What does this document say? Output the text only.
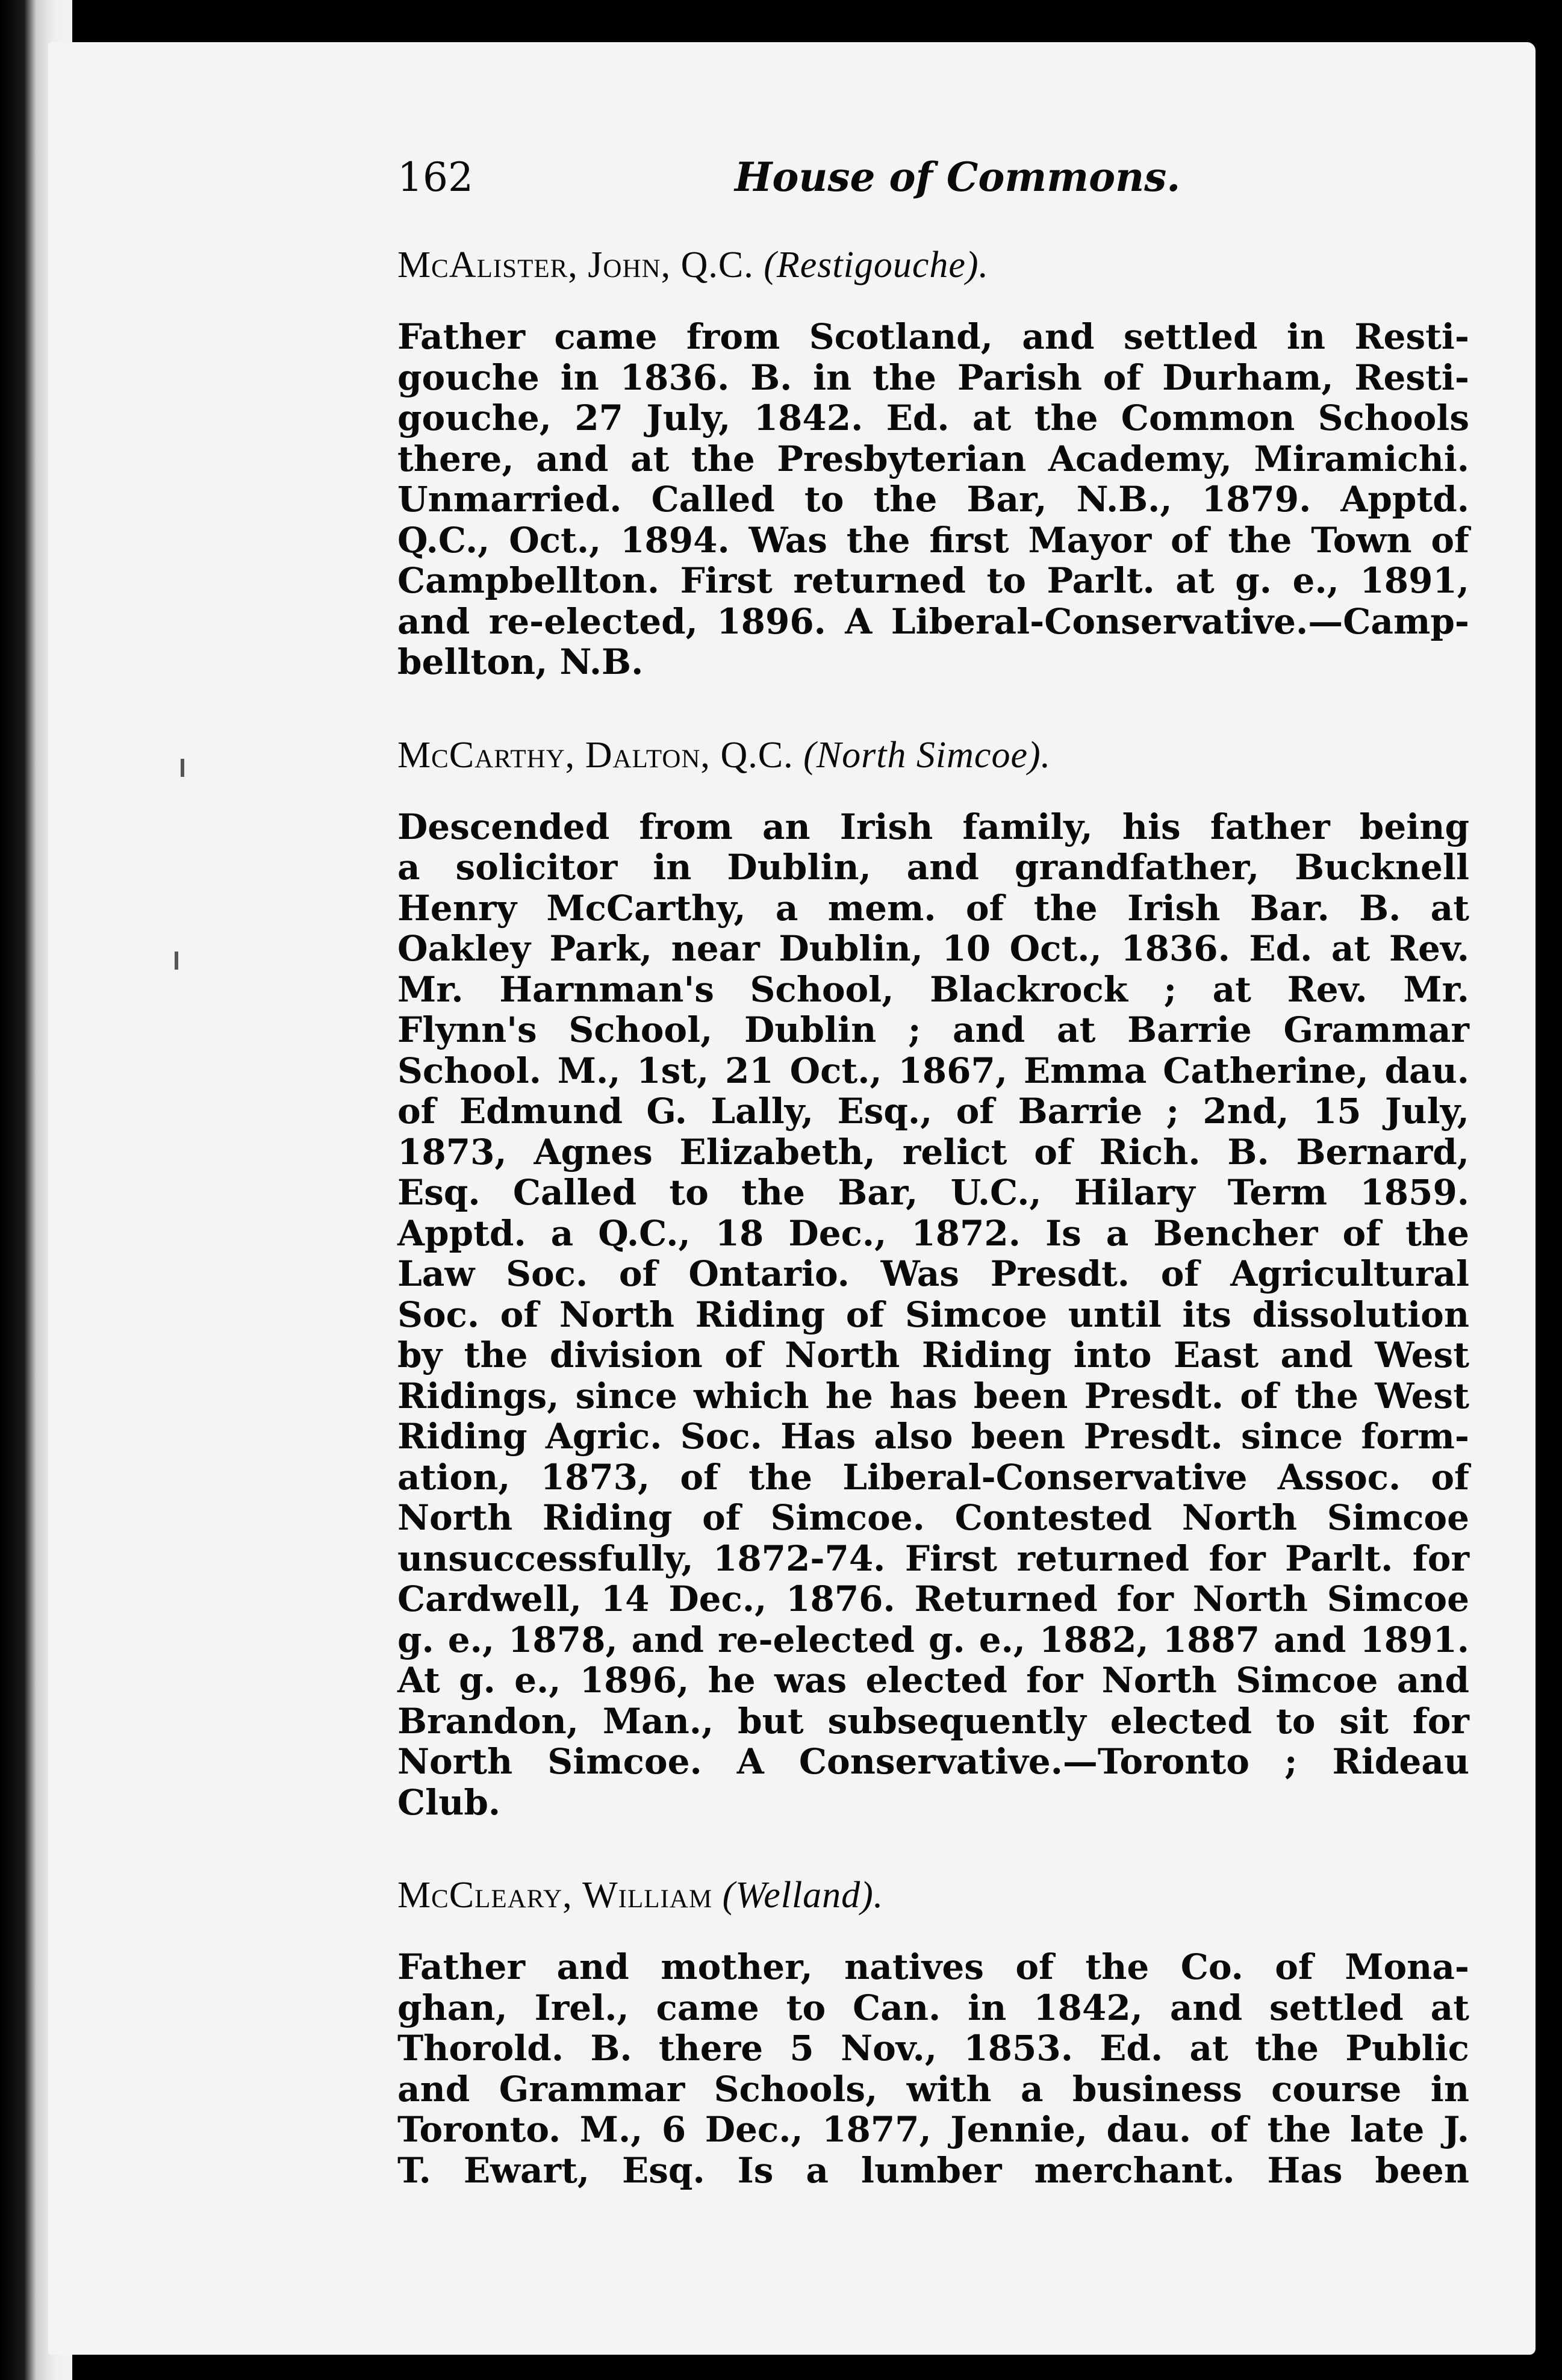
162	House of Commons.

McAlister, John, Q.C. (Restigouche).

Father came from Scotland, and settled in Resti-
gouche in 1836. B. in the Parish of Durham, Resti-
gouche, 27 July, 1842. Ed. at the Common Schools
there, and at the Presbyterian Academy, Miramichi.
Unmarried. Called to the Bar, N.B., 1879. Apptd.
Q.C., Oct., 1894. Was the first Mayor of the Town of
Campbellton. First returned to Parlt. at g. e., 1891,
and re-elected, 1896. A Liberal-Conservative.—Camp-
bellton, N.B.

McCarthy, Dalton, Q.C. (North Simcoe).

Descended from an Irish family, his father being
a solicitor in Dublin, and grandfather, Bucknell
Henry McCarthy, a mem. of the Irish Bar. B. at
Oakley Park, near Dublin, 10 Oct., 1836. Ed. at Rev.
Mr. Harnman's School, Blackrock ; at Rev. Mr.
Flynn's School, Dublin ; and at Barrie Grammar
School. M., 1st, 21 Oct., 1867, Emma Catherine, dau.
of Edmund G. Lally, Esq., of Barrie ; 2nd, 15 July,
1873, Agnes Elizabeth, relict of Rich. B. Bernard,
Esq. Called to the Bar, U.C., Hilary Term 1859.
Apptd. a Q.C., 18 Dec., 1872. Is a Bencher of the
Law Soc. of Ontario. Was Presdt. of Agricultural
Soc. of North Riding of Simcoe until its dissolution
by the division of North Riding into East and West
Ridings, since which he has been Presdt. of the West
Riding Agric. Soc. Has also been Presdt. since form-
ation, 1873, of the Liberal-Conservative Assoc. of
North Riding of Simcoe. Contested North Simcoe
unsuccessfully, 1872-74. First returned for Parlt. for
Cardwell, 14 Dec., 1876. Returned for North Simcoe
g. e., 1878, and re-elected g. e., 1882, 1887 and 1891.
At g. e., 1896, he was elected for North Simcoe and
Brandon, Man., but subsequently elected to sit for
North Simcoe. A Conservative.—Toronto ; Rideau
Club.

McCleary, William (Welland).

Father and mother, natives of the Co. of Mona-
ghan, Irel., came to Can. in 1842, and settled at
Thorold. B. there 5 Nov., 1853. Ed. at the Public
and Grammar Schools, with a business course in
Toronto. M., 6 Dec., 1877, Jennie, dau. of the late J.
T. Ewart, Esq. Is a lumber merchant. Has been
